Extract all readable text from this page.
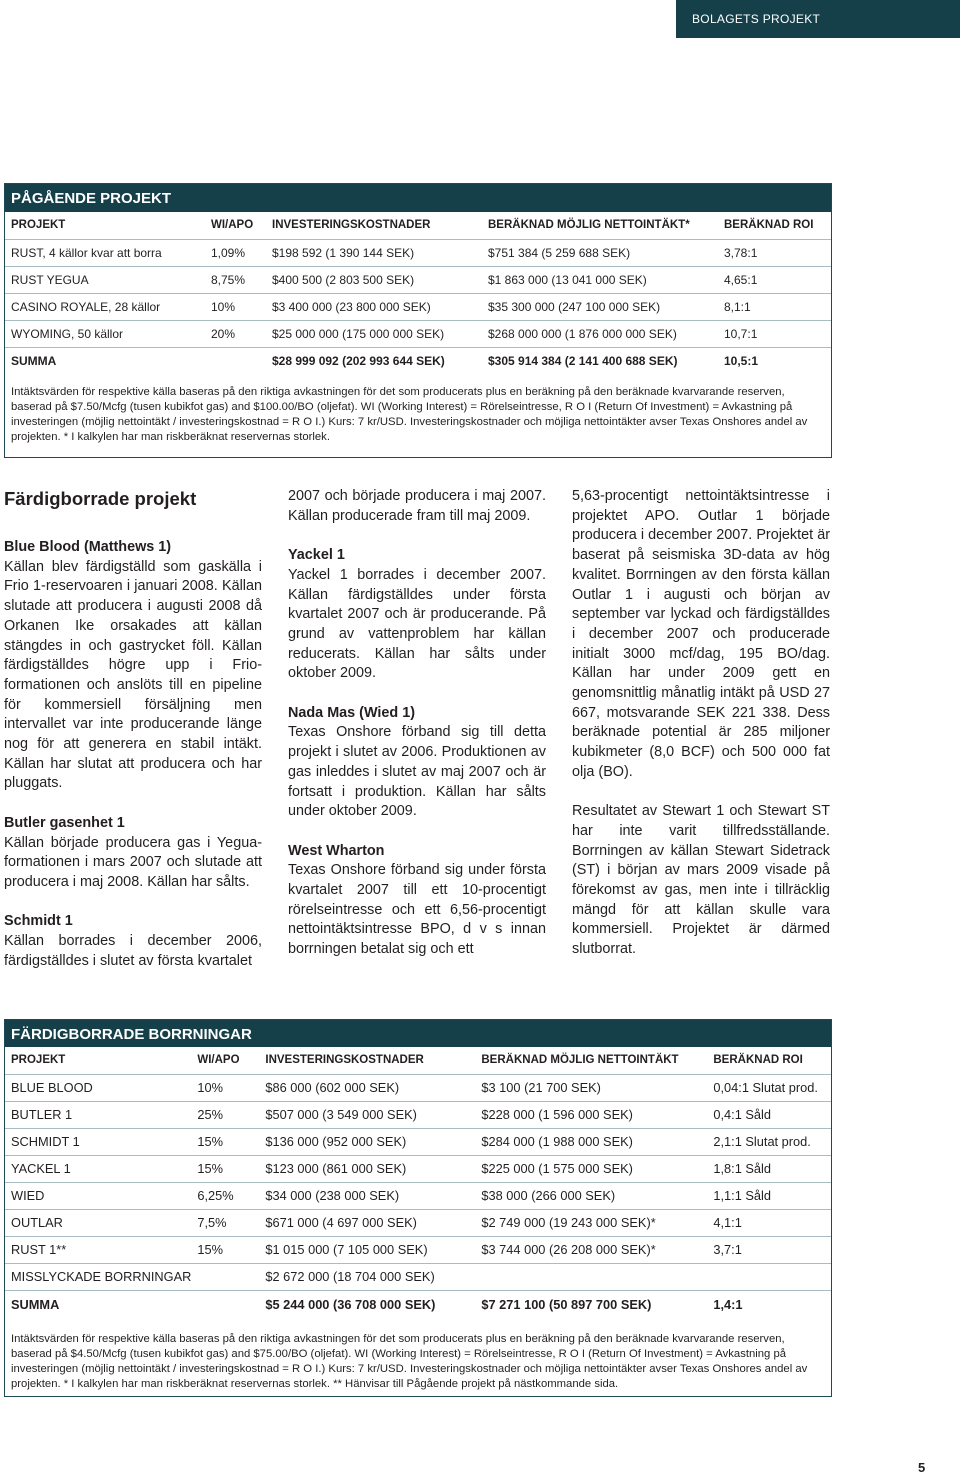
BOLAGETS PROJEKT
PÅGÅENDE PROJEKT
PROJEKT	WI/APO	INVESTERINGSKOSTNADER	BERÄKNAD MÖJLIG NETTOINTÄKT*	BERÄKNAD ROI
RUST, 4 källor kvar att borra	1,09%	$198 592 (1 390 144 SEK)	$751 384 (5 259 688 SEK)	3,78:1
RUST YEGUA	8,75%	$400 500 (2 803 500 SEK)	$1 863 000 (13 041 000 SEK)	4,65:1
CASINO ROYALE, 28 källor	10%	$3 400 000 (23 800 000 SEK)	$35 300 000 (247 100 000 SEK)	8,1:1
WYOMING, 50 källor	20%	$25 000 000 (175 000 000 SEK)	$268 000 000 (1 876 000 000 SEK)	10,7:1
SUMMA		$28 999 092 (202 993 644 SEK)	$305 914 384 (2 141 400 688 SEK)	10,5:1
Intäktsvärden för respektive källa baseras på den riktiga avkastningen för det som producerats plus en beräkning på den beräknade kvarvarande reserven, baserad på $7.50/Mcfg (tusen kubikfot gas) and $100.00/BO (oljefat). WI (Working Interest) = Rörelseintresse, R O I (Return Of Investment) = Avkastning på investeringen (möjlig nettointäkt / investeringskostnad = R O I.) Kurs: 7 kr/USD. Investeringskostnader och möjliga nettointäkter avser Texas Onshores andel av projekten. * I kalkylen har man riskberäknat reservernas storlek.
Färdigborrade projekt
Blue Blood (Matthews 1)

Källan blev färdigställd som gaskälla i Frio 1-reservoaren i januari 2008. Källan slutade att producera i augusti 2008 då Orkanen Ike orsakades att källan stängdes in och gastrycket föll. Källan färdigställdes högre upp i Frio-formationen och anslöts till en pipeline för kommersiell försäljning men intervallet var inte producerande länge nog för att generera en stabil intäkt. Källan har slutat att producera och har pluggats.

Butler gasenhet 1

Källan började producera gas i Yegua-formationen i mars 2007 och slutade att producera i maj 2008. Källan har sålts.

Schmidt 1

Källan borrades i december 2006, färdigställdes i slutet av första kvartalet

2007 och började producera i maj 2007. Källan producerade fram till maj 2009.

Yackel 1

Yackel 1 borrades i december 2007. Källan färdigställdes under första kvartalet 2007 och är producerande. På grund av vattenproblem har källan reducerats. Källan har sålts under oktober 2009.

Nada Mas (Wied 1)

Texas Onshore förband sig till detta projekt i slutet av 2006. Produktionen av gas inleddes i slutet av maj 2007 och är fortsatt i produktion. Källan har sålts under oktober 2009.

West Wharton

Texas Onshore förband sig under första kvartalet 2007 till ett 10-procentigt rörelseintresse och ett 6,56-procentigt nettointäktsintresse BPO, d v s innan borrningen betalat sig och ett

5,63-procentigt nettointäktsintresse i projektet APO. Outlar 1 började producera i december 2007. Projektet är baserat på seismiska 3D-data av hög kvalitet. Borrningen av den första källan Outlar 1 i augusti och början av september var lyckad och färdigställdes i december 2007 och producerade initialt 3000 mcf/dag, 195 BO/dag. Källan har under 2009 gett en genomsnittlig månatlig intäkt på USD 27 667, motsvarande SEK 221 338. Dess beräknade potential är 285 miljoner kubikmeter (8,0 BCF) och 500 000 fat olja (BO).

Resultatet av Stewart 1 och Stewart ST har inte varit tillfredsställande. Borrningen av källan Stewart Sidetrack (ST) i början av mars 2009 visade på förekomst av gas, men inte i tillräcklig mängd för att källan skulle vara kommersiell. Projektet är därmed slutborrat.

FÄRDIGBORRADE BORRNINGAR
PROJEKT	WI/APO	INVESTERINGSKOSTNADER	BERÄKNAD MÖJLIG NETTOINTÄKT	BERÄKNAD ROI
BLUE BLOOD	10%	$86 000 (602 000 SEK)	$3 100 (21 700 SEK)	0,04:1 Slutat prod.
BUTLER 1	25%	$507 000 (3 549 000 SEK)	$228 000 (1 596 000 SEK)	0,4:1 Såld
SCHMIDT 1	15%	$136 000 (952 000 SEK)	$284 000 (1 988 000 SEK)	2,1:1 Slutat prod.
YACKEL 1	15%	$123 000 (861 000 SEK)	$225 000 (1 575 000 SEK)	1,8:1 Såld
WIED	6,25%	$34 000 (238 000 SEK)	$38 000 (266 000 SEK)	1,1:1 Såld
OUTLAR	7,5%	$671 000 (4 697 000 SEK)	$2 749 000 (19 243 000 SEK)*	4,1:1
RUST 1**	15%	$1 015 000 (7 105 000 SEK)	$3 744 000 (26 208 000 SEK)*	3,7:1
MISSLYCKADE BORRNINGAR		$2 672 000 (18 704 000 SEK)		
SUMMA		$5 244 000 (36 708 000 SEK)	$7 271 100 (50 897 700 SEK)	1,4:1
Intäktsvärden för respektive källa baseras på den riktiga avkastningen för det som producerats plus en beräkning på den beräknade kvarvarande reserven, baserad på $4.50/Mcfg (tusen kubikfot gas) and $75.00/BO (oljefat). WI (Working Interest) = Rörelseintresse, R O I (Return Of Investment) = Avkastning på investeringen (möjlig nettointäkt / investeringskostnad = R O I.) Kurs: 7 kr/USD. Investeringskostnader och möjliga nettointäkter avser Texas Onshores andel av projekten. * I kalkylen har man riskberäknat reservernas storlek. ** Hänvisar till Pågående projekt på nästkommande sida.
5
